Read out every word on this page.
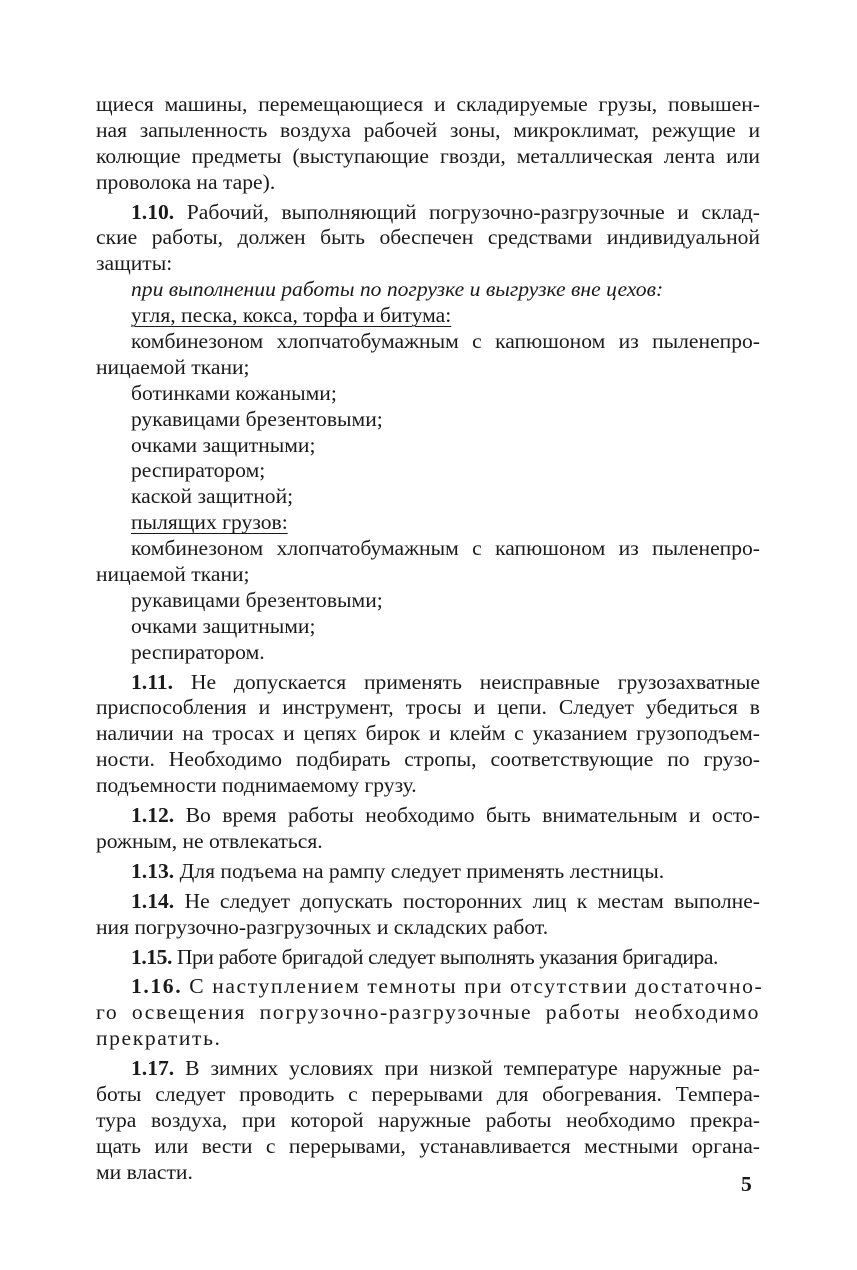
щиеся машины, перемещающиеся и складируемые грузы, повышен-
ная запыленность воздуха рабочей зоны, микроклимат, режущие и
колющие предметы (выступающие гвозди, металлическая лента или
проволока на таре).
1.10. Рабочий, выполняющий погрузочно-разгрузочные и склад-
ские работы, должен быть обеспечен средствами индивидуальной
защиты:
при выполнении работы по погрузке и выгрузке вне цехов:
угля, песка, кокса, торфа и битума:
комбинезоном хлопчатобумажным с капюшоном из пыленепро-
ницаемой ткани;
ботинками кожаными;
рукавицами брезентовыми;
очками защитными;
респиратором;
каской защитной;
пылящих грузов:
комбинезоном хлопчатобумажным с капюшоном из пыленепро-
ницаемой ткани;
рукавицами брезентовыми;
очками защитными;
респиратором.
1.11. Не допускается применять неисправные грузозахватные
приспособления и инструмент, тросы и цепи. Следует убедиться в
наличии на тросах и цепях бирок и клейм с указанием грузоподъем-
ности. Необходимо подбирать стропы, соответствующие по грузо-
подъемности поднимаемому грузу.
1.12. Во время работы необходимо быть внимательным и осто-
рожным, не отвлекаться.
1.13. Для подъема на рампу следует применять лестницы.
1.14. Не следует допускать посторонних лиц к местам выполне-
ния погрузочно-разгрузочных и складских работ.
1.15. При работе бригадой следует выполнять указания бригадира.
1.16. С наступлением темноты при отсутствии достаточно-
го освещения погрузочно-разгрузочные работы необходимо
прекратить.
1.17. В зимних условиях при низкой температуре наружные ра-
боты следует проводить с перерывами для обогревания. Темпера-
тура воздуха, при которой наружные работы необходимо прекра-
щать или вести с перерывами, устанавливается местными органа-
ми власти.
5
